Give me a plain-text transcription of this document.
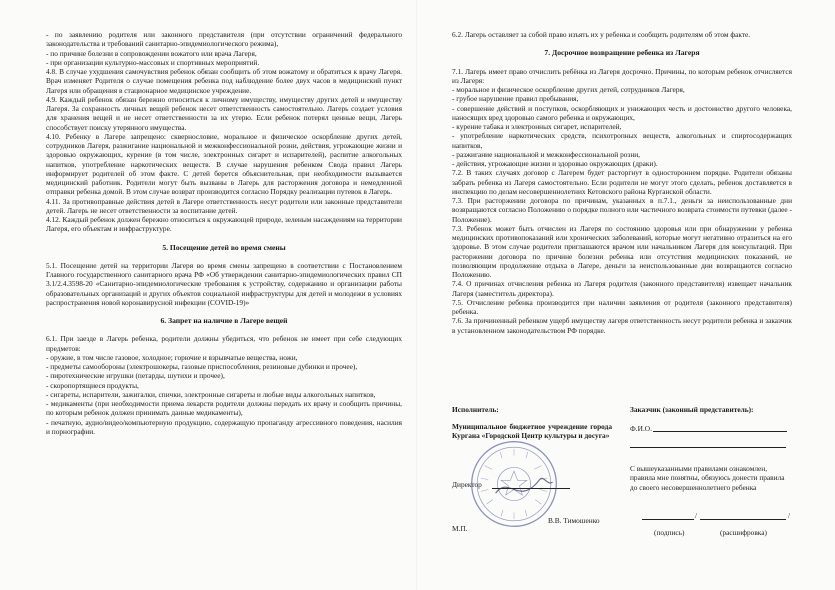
- по заявлению родителя или законного представителя (при отсутствии ограничений федерального законодательства и требований санитарно-эпидемиологического режима),

- по причине болезни в сопровождении вожатого или врача Лагеря,

- при организации культурно-массовых и спортивных мероприятий.

4.8. В случае ухудшения самочувствия ребенок обязан сообщить об этом вожатому и обратиться к врачу Лагеря. Врач изменяет Родителя о случае помещения ребенка под наблюдение более двух часов в медицинский пункт Лагеря или обращения в стационарное медицинское учреждение.

4.9. Каждый ребенок обязан бережно относиться к личному имуществу, имуществу других детей и имуществу Лагеря. За сохранность личных вещей ребенок несет ответственность самостоятельно. Лагерь создает условия для хранения вещей и не несет ответственности за их утерю. Если ребенок потерял ценные вещи, Лагерь способствует поиску утерянного имущества.

4.10. Ребенку в Лагере запрещено: сквернословие, моральное и физическое оскорбление других детей, сотрудников Лагеря, разжигание национальной и межконфессиональной розни, действия, угрожающие жизни и здоровью окружающих, курение (в том числе, электронных сигарет и испарителей), распитие алкогольных напитков, употребление наркотических веществ. В случае нарушения ребенком Свода правил Лагерь информирует родителей об этом факте. С детей берется объяснительная, при необходимости вызывается медицинский работник. Родители могут быть вызваны в Лагерь для расторжения договора и немедленной отправки ребенка домой. В этом случае возврат производится согласно Порядку реализации путевок в Лагерь.

4.11. За противоправные действия детей в Лагере ответственность несут родители или законные представители детей. Лагерь не несет ответственности за воспитание детей.

4.12. Каждый ребенок должен бережно относиться к окружающей природе, зеленым насаждениям на территории Лагеря, его объектам и инфраструктуре.

5. Посещение детей во время смены

5.1. Посещение детей на территории Лагеря во время смены запрещено в соответствии с Постановлением Главного государственного санитарного врача РФ «Об утверждении санитарно-эпидемиологических правил СП 3.1/2.4.3598-20 «Санитарно-эпидемиологические требования к устройству, содержанию и организации работы образовательных организаций и других объектов социальной инфраструктуры для детей и молодежи в условиях распространения новой коронавирусной инфекции (COVID-19)»

6. Запрет на наличие в Лагере вещей

6.1. При заезде в Лагерь ребенка, родители должны убедиться, что ребенок не имеет при себе следующих предметов:

- оружие, в том числе газовое, холодное; горючие и взрывчатые вещества, ножи,

- предметы самообороны (электрошокеры, газовые приспособления, резиновые дубинки и прочее),

- пиротехнические игрушки (петарды, шутихи и прочее),

- скоропортящиеся продукты,

- сигареты, испарители, зажигалки, спички, электронные сигареты и любые виды алкогольных напитков,

- медикаменты (при необходимости приема лекарств родители должны передать их врачу и сообщить причины, по которым ребенок должен принимать данные медикаменты),

- печатную, аудио/видео/компьютерную продукцию, содержащую пропаганду агрессивного поведения, насилия и порнографии.

6.2. Лагерь оставляет за собой право изъять их у ребенка и сообщить родителям об этом факте.

7. Досрочное возвращение ребенка из Лагеря

7.1. Лагерь имеет право отчислить ребёнка из Лагеря досрочно. Причины, по которым ребенок отчисляется из Лагеря:

- моральное и физическое оскорбление других детей, сотрудников Лагеря,

- грубое нарушение правил пребывания,

- совершение действий и поступков, оскорбляющих и унижающих честь и достоинство другого человека, наносящих вред здоровью самого ребенка и окружающих,

- курение табака и электронных сигарет, испарителей,

- употребление наркотических средств, психотропных веществ, алкогольных и спиртосодержащих напитков,

- разжигание национальной и межконфессиональной розни,

- действия, угрожающие жизни и здоровью окружающих (драки).

7.2. В таких случаях договор с Лагерем будет расторгнут в одностороннем порядке. Родители обязаны забрать ребенка из Лагеря самостоятельно. Если родители не могут этого сделать, ребенок доставляется в инспекцию по делам несовершеннолетних Кетовского района Курганской области.

7.3. При расторжении договора по причинам, указанных в п.7.1., деньги за неиспользованные дни возвращаются согласно Положению о порядке полного или частичного возврата стоимости путевки (далее - Положение).

7.3. Ребенок может быть отчислен из Лагеря по состоянию здоровья или при обнаружении у ребенка медицинских противопоказаний или хронических заболеваний, которые могут негативно отразиться на его здоровье. В этом случае родители приглашаются врачом или начальником Лагеря для консультаций. При расторжении договора по причине болезни ребенка или отсутствия медицинских показаний, не позволяющим продолжение отдыха в Лагере, деньги за неиспользованные дни возвращаются согласно Положению.

7.4. О причинах отчисления ребенка из Лагеря родителя (законного представителя) извещает начальник Лагеря (заместитель директора).

7.5. Отчисление ребенка производится при наличии заявления от родителя (законного представителя) ребенка.

7.6. За причиненный ребенком ущерб имуществу лагеря ответственность несут родители ребенка и заказчик в установленном законодательством РФ порядке.

Исполнитель:
Муниципальное бюджетное учреждение города Кургана «Городской Центр культуры и досуга»
Директор
В.В. Тимошенко
М.П.
Заказчик (законный представитель):
Ф.И.О.
С вышеуказанными правилами ознакомлен, правила мне понятны, обязуюсь донести правила до своего несовершеннолетнего ребенка
/	/
(подпись)	(расшифровка)
